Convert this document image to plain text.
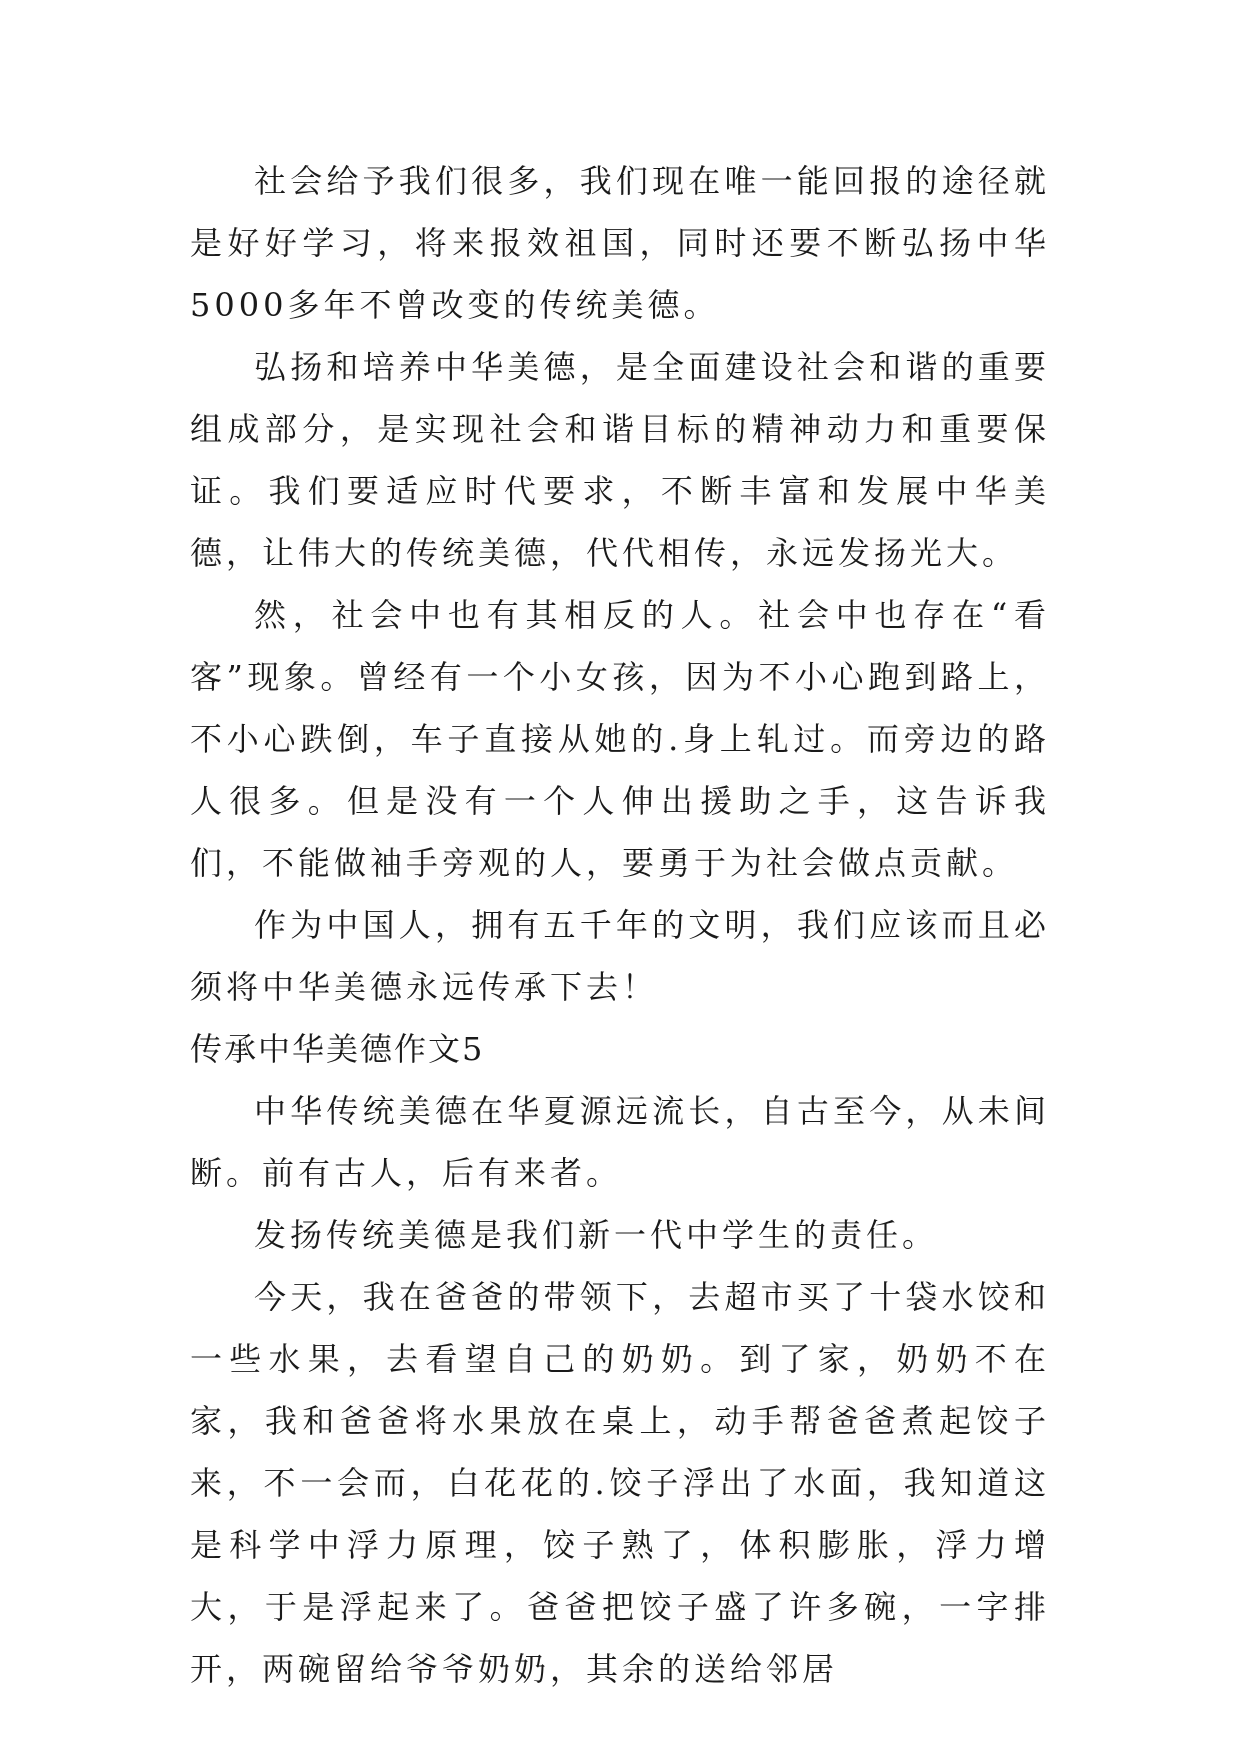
社会给予我们很多，我们现在唯一能回报的途径就是好好学习，将来报效祖国，同时还要不断弘扬中华5000多年不曾改变的传统美德。

弘扬和培养中华美德，是全面建设社会和谐的重要组成部分，是实现社会和谐目标的精神动力和重要保证。我们要适应时代要求，不断丰富和发展中华美德，让伟大的传统美德，代代相传，永远发扬光大。

然，社会中也有其相反的人。社会中也存在“看客”现象。曾经有一个小女孩，因为不小心跑到路上，不小心跌倒，车子直接从她的.身上轧过。而旁边的路人很多。但是没有一个人伸出援助之手，这告诉我们，不能做袖手旁观的人，要勇于为社会做点贡献。

作为中国人，拥有五千年的文明，我们应该而且必须将中华美德永远传承下去！

传承中华美德作文5

中华传统美德在华夏源远流长，自古至今，从未间断。前有古人，后有来者。

发扬传统美德是我们新一代中学生的责任。

今天，我在爸爸的带领下，去超市买了十袋水饺和一些水果，去看望自己的奶奶。到了家，奶奶不在家，我和爸爸将水果放在桌上，动手帮爸爸煮起饺子来，不一会而，白花花的.饺子浮出了水面，我知道这是科学中浮力原理，饺子熟了，体积膨胀，浮力增大，于是浮起来了。爸爸把饺子盛了许多碗，一字排开，两碗留给爷爷奶奶，其余的送给邻居
